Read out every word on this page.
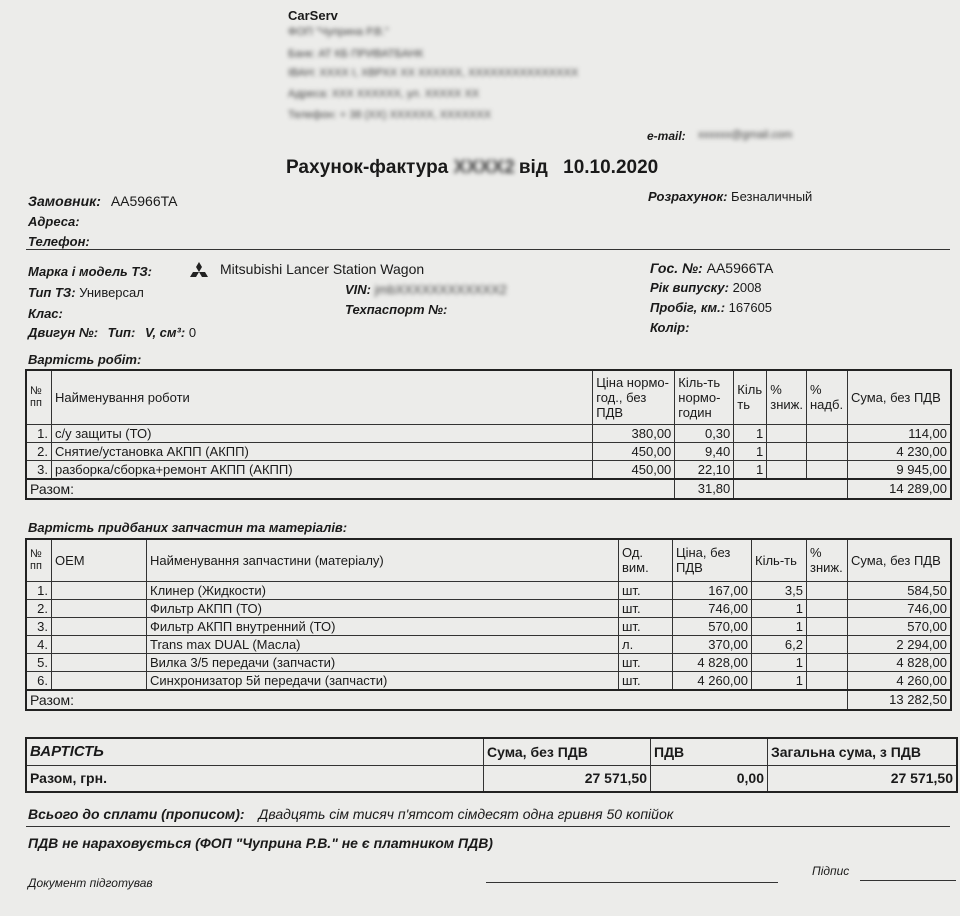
CarServ
ФОП "Чуприна Р.В."
Банк: АТ КБ ПРИВАТБАНК
ІВАН: ХХХХ І, ХВРХХ ХХ ХХХХХХ, ХХХХХХХХХХХХХХХ
Адреса: ХХХ ХХХХХХ, ул. ХХХХХ ХХ
Телефон: + 38 (ХХ) ХХХХХХ, ХХХХХХХ
e-mail: xxxxxx@gmail.com
Рахунок-фактура XXXX2 від 10.10.2020
Замовник: AA5966TA
Адреса:
Телефон:
Розрахунок: Безналичный
Марка і модель ТЗ:	Mitsubishi Lancer Station Wagon
Тип ТЗ: Универсал	VIN: jmbXXXXXXXXXXXX2
Клас:	Техпаспорт №:
Двигун №: Тип: V, см³: 0
Гос. №: AA5966TA
Рік випуску: 2008
Пробіг, км.: 167605
Колір:
Вартість робіт:
№ пп	Найменування роботи	Ціна нормо-год., без ПДВ	Кіль-ть нормо-годин	Кіль ть	% зниж.	% надб.	Сума, без ПДВ
1.	с/у защиты (ТО)	380,00	0,30	1			114,00
2.	Снятие/установка АКПП (АКПП)	450,00	9,40	1			4 230,00
3.	разборка/сборка+ремонт АКПП (АКПП)	450,00	22,10	1			9 945,00
Разом:			31,80				14 289,00
Вартість придбаних запчастин та матеріалів:
№ пп	OEM	Найменування запчастини (матеріалу)	Од. вим.	Ціна, без ПДВ	Кіль-ть	% зниж.	Сума, без ПДВ
1.		Клинер (Жидкости)	шт.	167,00	3,5		584,50
2.		Фильтр АКПП (ТО)	шт.	746,00	1		746,00
3.		Фильтр АКПП внутренний (ТО)	шт.	570,00	1		570,00
4.		Trans max DUAL (Масла)	л.	370,00	6,2		2 294,00
5.		Вилка 3/5 передачи (запчасти)	шт.	4 828,00	1		4 828,00
6.		Синхронизатор 5й передачи (запчасти)	шт.	4 260,00	1		4 260,00
Разом:							13 282,50
ВАРТІСТЬ	Сума, без ПДВ	ПДВ	Загальна сума, з ПДВ
Разом, грн.	27 571,50	0,00	27 571,50
Всього до сплати (прописом): Двадцять сім тисяч п'ятсот сімдесят одна гривня 50 копійок
ПДВ не нараховується (ФОП "Чуприна Р.В." не є платником ПДВ)
Документ підготував
Підпис
